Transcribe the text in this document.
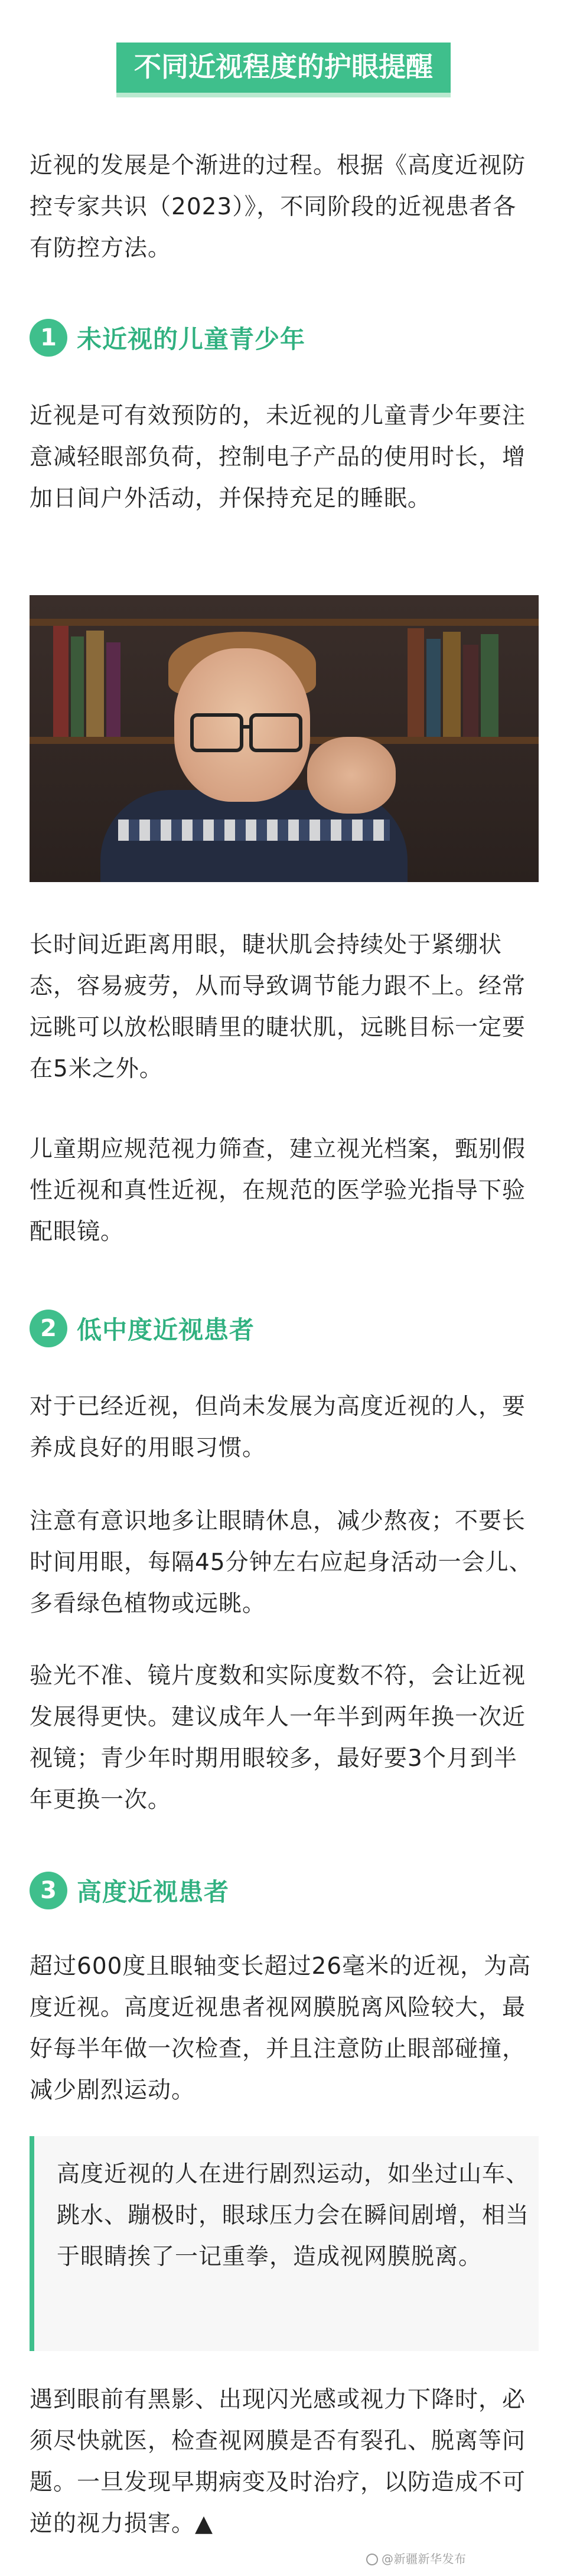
不同近视程度的护眼提醒

近视的发展是个渐进的过程。根据《高度近视防控专家共识（2023）》，不同阶段的近视患者各有防控方法。

1 未近视的儿童青少年

近视是可有效预防的，未近视的儿童青少年要注意减轻眼部负荷，控制电子产品的使用时长，增加日间户外活动，并保持充足的睡眠。

长时间近距离用眼，睫状肌会持续处于紧绷状态，容易疲劳，从而导致调节能力跟不上。经常远眺可以放松眼睛里的睫状肌，远眺目标一定要在5米之外。

儿童期应规范视力筛查，建立视光档案，甄别假性近视和真性近视，在规范的医学验光指导下验配眼镜。

2 低中度近视患者

对于已经近视，但尚未发展为高度近视的人，要养成良好的用眼习惯。

注意有意识地多让眼睛休息，减少熬夜；不要长时间用眼，每隔45分钟左右应起身活动一会儿、多看绿色植物或远眺。

验光不准、镜片度数和实际度数不符，会让近视发展得更快。建议成年人一年半到两年换一次近视镜；青少年时期用眼较多，最好要3个月到半年更换一次。

3 高度近视患者

超过600度且眼轴变长超过26毫米的近视，为高度近视。高度近视患者视网膜脱离风险较大，最好每半年做一次检查，并且注意防止眼部碰撞，减少剧烈运动。

高度近视的人在进行剧烈运动，如坐过山车、跳水、蹦极时，眼球压力会在瞬间剧增，相当于眼睛挨了一记重拳，造成视网膜脱离。

遇到眼前有黑影、出现闪光感或视力下降时，必须尽快就医，检查视网膜是否有裂孔、脱离等问题。一旦发现早期病变及时治疗，以防造成不可逆的视力损害。▲

@新疆新华发布
